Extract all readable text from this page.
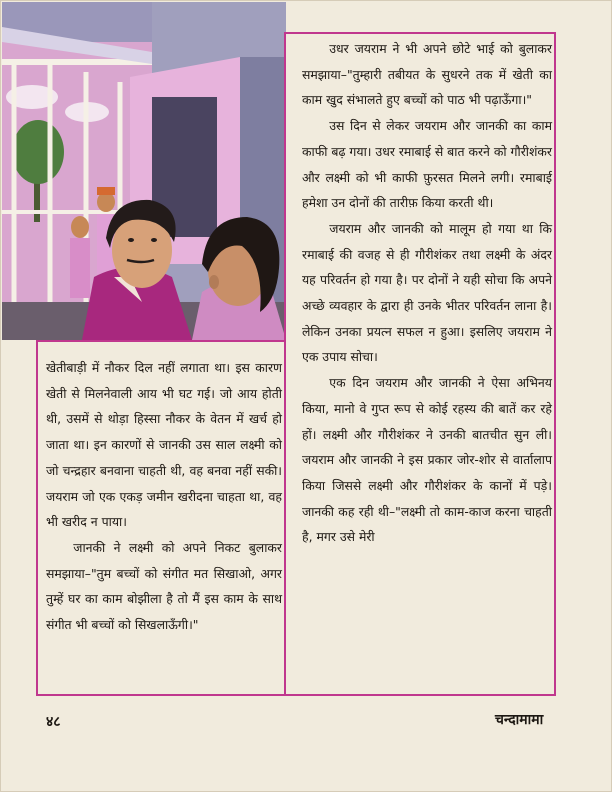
उधर जयराम ने भी अपने छोटे भाई को बुलाकर समझाया–"तुम्हारी तबीयत के सुधरने तक में खेती का काम खुद संभालते हुए बच्चों को पाठ भी पढ़ाऊँगा।"

उस दिन से लेकर जयराम और जानकी का काम काफी बढ़ गया। उधर रमाबाई से बात करने को गौरीशंकर और लक्ष्मी को भी काफी फ़ुरसत मिलने लगी। रमाबाई हमेशा उन दोनों की तारीफ़ किया करती थी।

जयराम और जानकी को मालूम हो गया था कि रमाबाई की वजह से ही गौरीशंकर तथा लक्ष्मी के अंदर यह परिवर्तन हो गया है। पर दोनों ने यही सोचा कि अपने अच्छे व्यवहार के द्वारा ही उनके भीतर परिवर्तन लाना है। लेकिन उनका प्रयत्न सफल न हुआ। इसलिए जयराम ने एक उपाय सोचा।

एक दिन जयराम और जानकी ने ऐसा अभिनय किया, मानो वे गुप्त रूप से कोई रहस्य की बातें कर रहे हों। लक्ष्मी और गौरीशंकर ने उनकी बातचीत सुन ली। जयराम और जानकी ने इस प्रकार जोर-शोर से वार्तालाप किया जिससे लक्ष्मी और गौरीशंकर के कानों में पड़े। जानकी कह रही थी–"लक्ष्मी तो काम-काज करना चाहती है, मगर उसे मेरी

खेतीबाड़ी में नौकर दिल नहीं लगाता था। इस कारण खेती से मिलनेवाली आय भी घट गई। जो आय होती थी, उसमें से थोड़ा हिस्सा नौकर के वेतन में खर्च हो जाता था। इन कारणों से जानकी उस साल लक्ष्मी को जो चन्द्रहार बनवाना चाहती थी, वह बनवा नहीं सकी। जयराम जो एक एकड़ जमीन खरीदना चाहता था, वह भी खरीद न पाया।

जानकी ने लक्ष्मी को अपने निकट बुलाकर समझाया–"तुम बच्चों को संगीत मत सिखाओ, अगर तुम्हें घर का काम बोझीला है तो मैं इस काम के साथ संगीत भी बच्चों को सिखलाऊँगी।"

४८	चन्दामामा
